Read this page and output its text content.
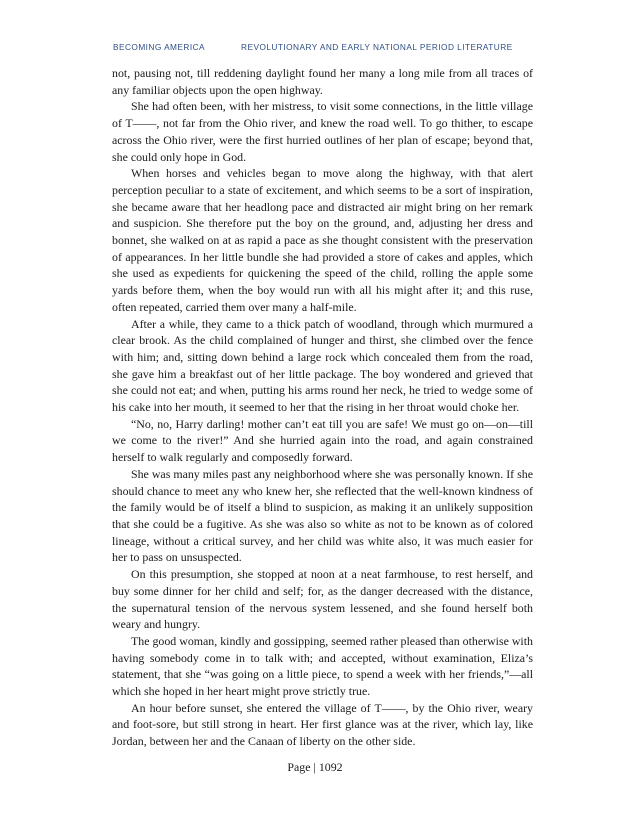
BECOMING AMERICA	REVOLUTIONARY AND EARLY NATIONAL PERIOD LITERATURE

not, pausing not, till reddening daylight found her many a long mile from all traces of any familiar objects upon the open highway.

She had often been, with her mistress, to visit some connections, in the little village of T——, not far from the Ohio river, and knew the road well. To go thither, to escape across the Ohio river, were the first hurried outlines of her plan of escape; beyond that, she could only hope in God.

When horses and vehicles began to move along the highway, with that alert perception peculiar to a state of excitement, and which seems to be a sort of inspiration, she became aware that her headlong pace and distracted air might bring on her remark and suspicion. She therefore put the boy on the ground, and, adjusting her dress and bonnet, she walked on at as rapid a pace as she thought consistent with the preservation of appearances. In her little bundle she had provided a store of cakes and apples, which she used as expedients for quickening the speed of the child, rolling the apple some yards before them, when the boy would run with all his might after it; and this ruse, often repeated, carried them over many a half-mile.

After a while, they came to a thick patch of woodland, through which murmured a clear brook. As the child complained of hunger and thirst, she climbed over the fence with him; and, sitting down behind a large rock which concealed them from the road, she gave him a breakfast out of her little package. The boy wondered and grieved that she could not eat; and when, putting his arms round her neck, he tried to wedge some of his cake into her mouth, it seemed to her that the rising in her throat would choke her.

“No, no, Harry darling! mother can’t eat till you are safe! We must go on—on—till we come to the river!” And she hurried again into the road, and again constrained herself to walk regularly and composedly forward.

She was many miles past any neighborhood where she was personally known. If she should chance to meet any who knew her, she reflected that the well-known kindness of the family would be of itself a blind to suspicion, as making it an unlikely supposition that she could be a fugitive. As she was also so white as not to be known as of colored lineage, without a critical survey, and her child was white also, it was much easier for her to pass on unsuspected.

On this presumption, she stopped at noon at a neat farmhouse, to rest herself, and buy some dinner for her child and self; for, as the danger decreased with the distance, the supernatural tension of the nervous system lessened, and she found herself both weary and hungry.

The good woman, kindly and gossipping, seemed rather pleased than otherwise with having somebody come in to talk with; and accepted, without examination, Eliza’s statement, that she “was going on a little piece, to spend a week with her friends,”—all which she hoped in her heart might prove strictly true.

An hour before sunset, she entered the village of T——, by the Ohio river, weary and foot-sore, but still strong in heart. Her first glance was at the river, which lay, like Jordan, between her and the Canaan of liberty on the other side.

Page | 1092
